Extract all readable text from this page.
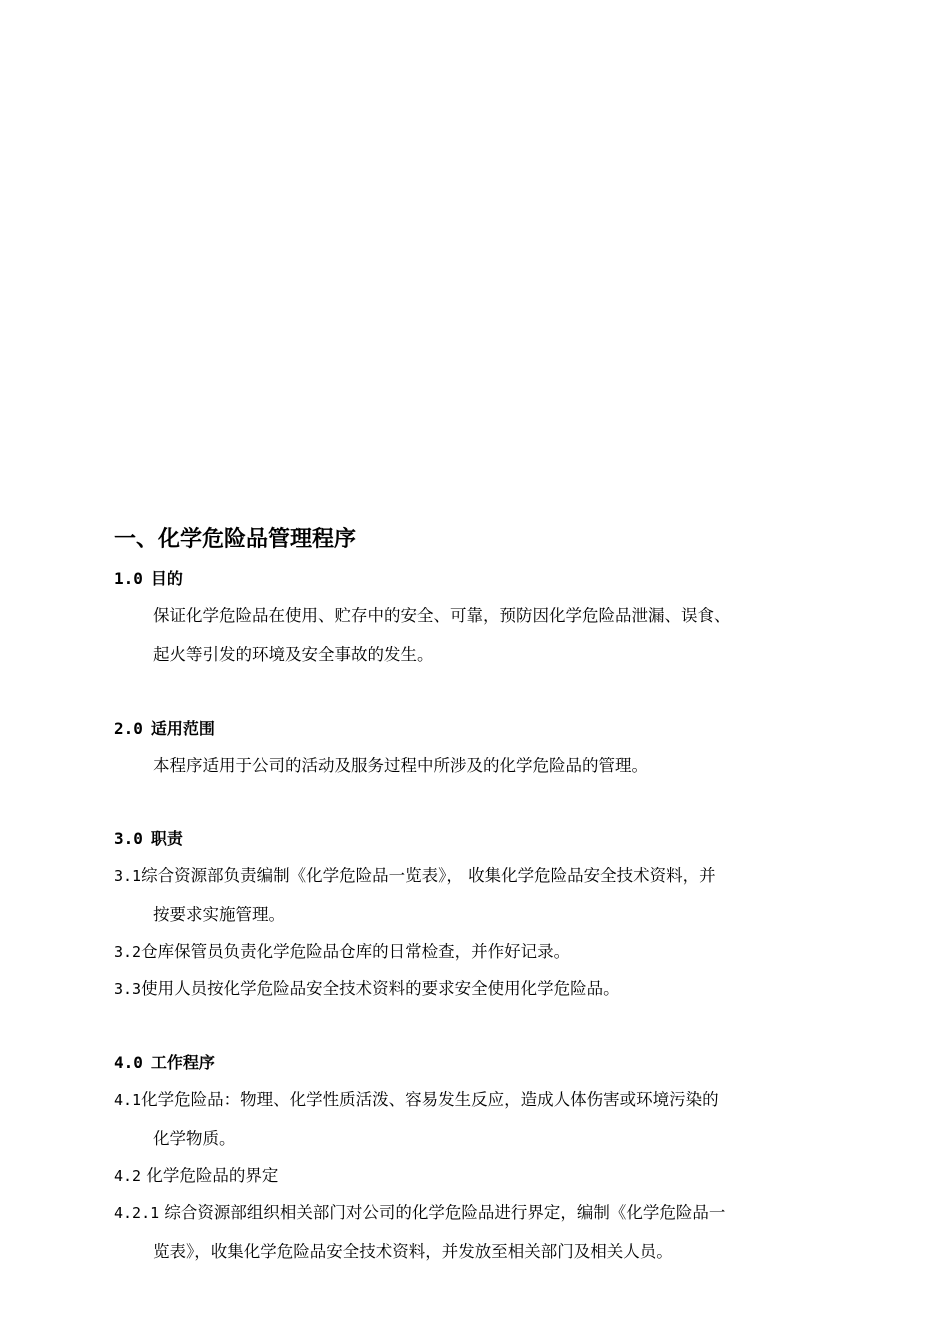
一、化学危险品管理程序
1.0 目的
保证化学危险品在使用、贮存中的安全、可靠，预防因化学危险品泄漏、误食、
起火等引发的环境及安全事故的发生。
2.0 适用范围
本程序适用于公司的活动及服务过程中所涉及的化学危险品的管理。
3.0 职责
3.1综合资源部负责编制《化学危险品一览表》， 收集化学危险品安全技术资料，并
按要求实施管理。
3.2仓库保管员负责化学危险品仓库的日常检查，并作好记录。
3.3使用人员按化学危险品安全技术资料的要求安全使用化学危险品。
4.0 工作程序
4.1化学危险品：物理、化学性质活泼、容易发生反应，造成人体伤害或环境污染的
化学物质。
4.2 化学危险品的界定
4.2.1 综合资源部组织相关部门对公司的化学危险品进行界定，编制《化学危险品一
览表》，收集化学危险品安全技术资料，并发放至相关部门及相关人员。
